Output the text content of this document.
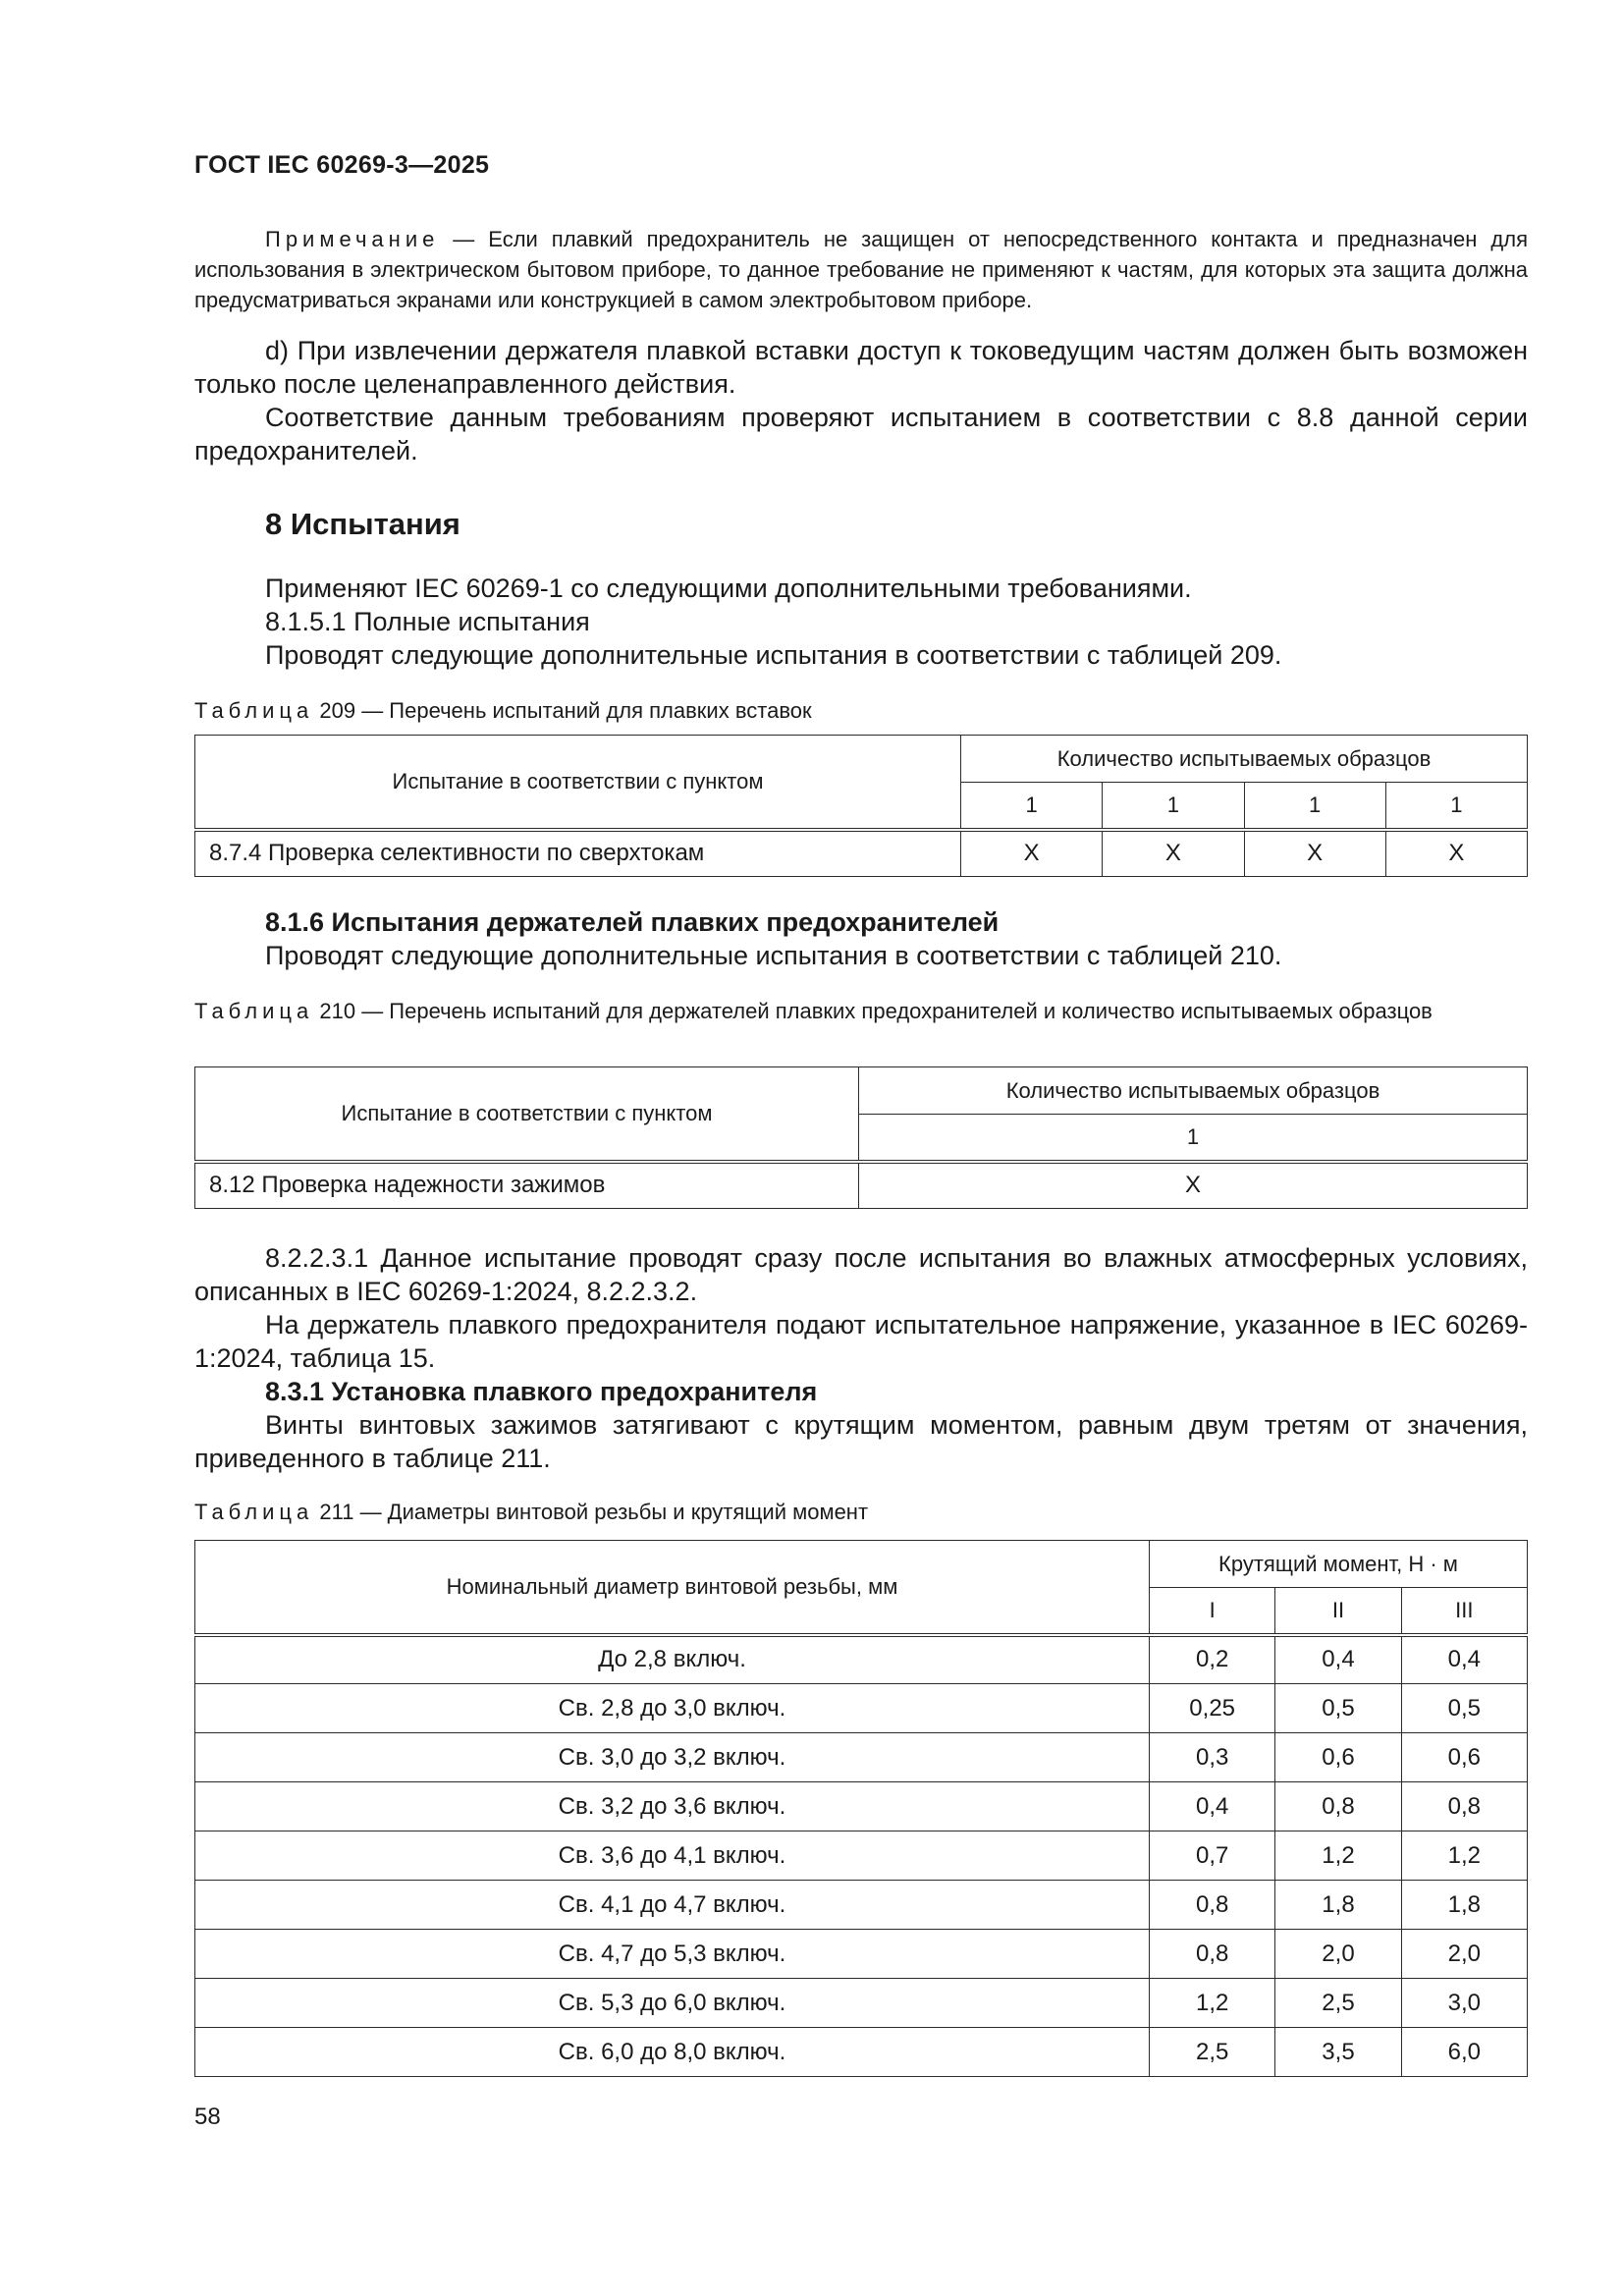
ГОСТ IEC 60269-3—2025

Примечание — Если плавкий предохранитель не защищен от непосредственного контакта и предназначен для использования в электрическом бытовом приборе, то данное требование не применяют к частям, для которых эта защита должна предусматриваться экранами или конструкцией в самом электробытовом приборе.

d) При извлечении держателя плавкой вставки доступ к токоведущим частям должен быть возможен только после целенаправленного действия.

Соответствие данным требованиям проверяют испытанием в соответствии с 8.8 данной серии предохранителей.

8 Испытания

Применяют IEC 60269-1 со следующими дополнительными требованиями.

8.1.5.1 Полные испытания

Проводят следующие дополнительные испытания в соответствии с таблицей 209.

Таблица 209 — Перечень испытаний для плавких вставок

Испытание в соответствии с пунктом	Количество испытываемых образцов			
	1	1	1	1
8.7.4 Проверка селективности по сверхтокам	X	X	X	X

8.1.6 Испытания держателей плавких предохранителей

Проводят следующие дополнительные испытания в соответствии с таблицей 210.

Таблица 210 — Перечень испытаний для держателей плавких предохранителей и количество испытываемых образцов

Испытание в соответствии с пунктом	Количество испытываемых образцов
	1
8.12 Проверка надежности зажимов	X

8.2.2.3.1 Данное испытание проводят сразу после испытания во влажных атмосферных условиях, описанных в IEC 60269-1:2024, 8.2.2.3.2.

На держатель плавкого предохранителя подают испытательное напряжение, указанное в IEC 60269-1:2024, таблица 15.

8.3.1 Установка плавкого предохранителя

Винты винтовых зажимов затягивают с крутящим моментом, равным двум третям от значения, приведенного в таблице 211.

Таблица 211 — Диаметры винтовой резьбы и крутящий момент

Номинальный диаметр винтовой резьбы, мм	Крутящий момент, Н · м		
	I	II	III
До 2,8 включ.	0,2	0,4	0,4
Св. 2,8 до 3,0 включ.	0,25	0,5	0,5
Св. 3,0 до 3,2 включ.	0,3	0,6	0,6
Св. 3,2 до 3,6 включ.	0,4	0,8	0,8
Св. 3,6 до 4,1 включ.	0,7	1,2	1,2
Св. 4,1 до 4,7 включ.	0,8	1,8	1,8
Св. 4,7 до 5,3 включ.	0,8	2,0	2,0
Св. 5,3 до 6,0 включ.	1,2	2,5	3,0
Св. 6,0 до 8,0 включ.	2,5	3,5	6,0
58
